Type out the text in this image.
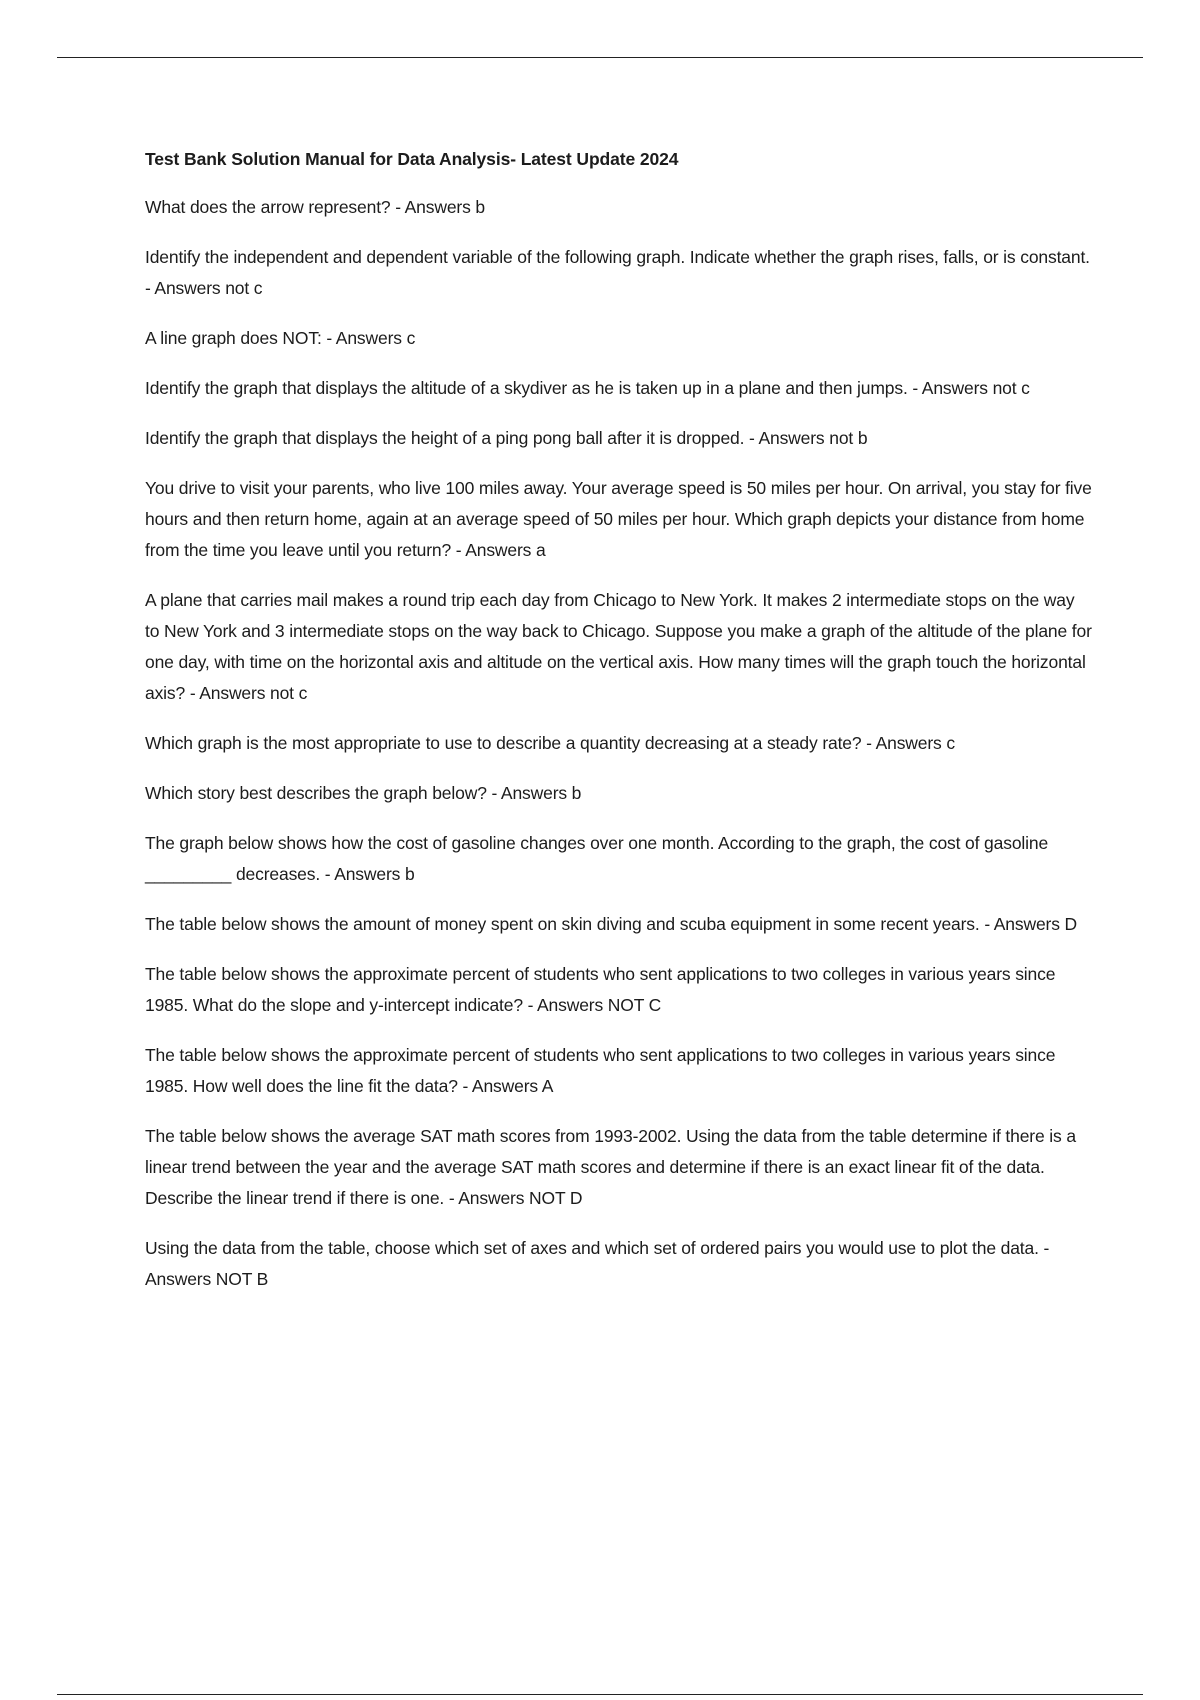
Test Bank Solution Manual for Data Analysis- Latest Update 2024

What does the arrow represent? - Answers b

Identify the independent and dependent variable of the following graph. Indicate whether the graph rises, falls, or is constant. - Answers not c

A line graph does NOT: - Answers c

Identify the graph that displays the altitude of a skydiver as he is taken up in a plane and then jumps. - Answers not c

Identify the graph that displays the height of a ping pong ball after it is dropped. - Answers not b

You drive to visit your parents, who live 100 miles away. Your average speed is 50 miles per hour. On arrival, you stay for five hours and then return home, again at an average speed of 50 miles per hour. Which graph depicts your distance from home from the time you leave until you return? - Answers a

A plane that carries mail makes a round trip each day from Chicago to New York. It makes 2 intermediate stops on the way to New York and 3 intermediate stops on the way back to Chicago. Suppose you make a graph of the altitude of the plane for one day, with time on the horizontal axis and altitude on the vertical axis. How many times will the graph touch the horizontal axis? - Answers not c

Which graph is the most appropriate to use to describe a quantity decreasing at a steady rate? - Answers c

Which story best describes the graph below? - Answers b

The graph below shows how the cost of gasoline changes over one month. According to the graph, the cost of gasoline _________ decreases. - Answers b

The table below shows the amount of money spent on skin diving and scuba equipment in some recent years. - Answers D

The table below shows the approximate percent of students who sent applications to two colleges in various years since 1985. What do the slope and y-intercept indicate? - Answers NOT C

The table below shows the approximate percent of students who sent applications to two colleges in various years since 1985. How well does the line fit the data? - Answers A

The table below shows the average SAT math scores from 1993-2002. Using the data from the table determine if there is a linear trend between the year and the average SAT math scores and determine if there is an exact linear fit of the data. Describe the linear trend if there is one. - Answers NOT D

Using the data from the table, choose which set of axes and which set of ordered pairs you would use to plot the data. - Answers NOT B
